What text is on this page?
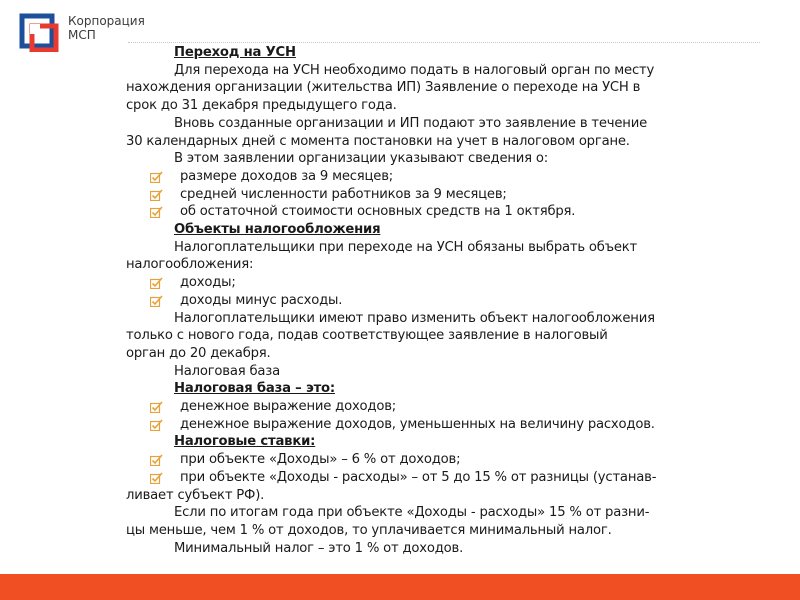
Корпорация
МСП
Переход на УСН
Для перехода на УСН необходимо подать в налоговый орган по месту
нахождения организации (жительства ИП) Заявление о переходе на УСН в
срок до 31 декабря предыдущего года.
Вновь созданные организации и ИП подают это заявление в течение
30 календарных дней с момента постановки на учет в налоговом органе.
В этом заявлении организации указывают сведения о:
размере доходов за 9 месяцев;
средней численности работников за 9 месяцев;
об остаточной стоимости основных средств на 1 октября.
Объекты налогообложения
Налогоплательщики при переходе на УСН обязаны выбрать объект
налогообложения:
доходы;
доходы минус расходы.
Налогоплательщики имеют право изменить объект налогообложения
только с нового года, подав соответствующее заявление в налоговый
орган до 20 декабря.
Налоговая база
Налоговая база – это:
денежное выражение доходов;
денежное выражение доходов, уменьшенных на величину расходов.
Налоговые ставки:
при объекте «Доходы» – 6 % от доходов;
при объекте «Доходы - расходы» – от 5 до 15 % от разницы (устанав-
ливает субъект РФ).
Если по итогам года при объекте «Доходы - расходы» 15 % от разни-
цы меньше, чем 1 % от доходов, то уплачивается минимальный налог.
Минимальный налог – это 1 % от доходов.
